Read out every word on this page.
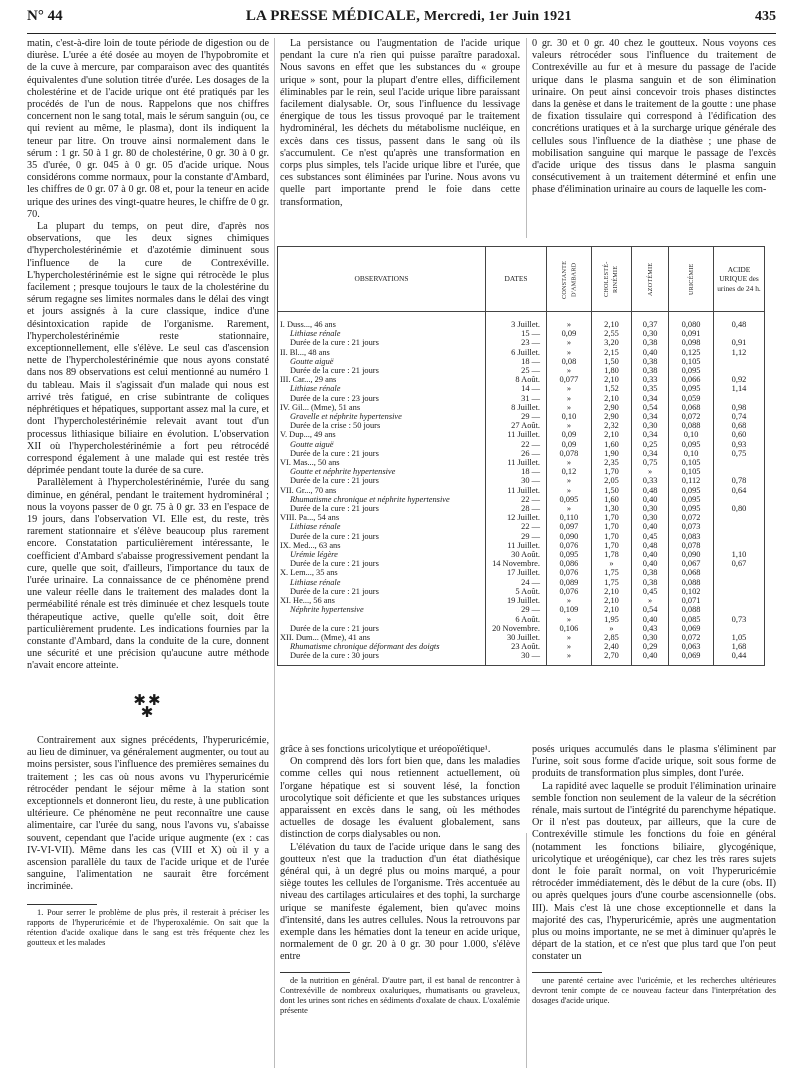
N° 44	LA PRESSE MÉDICALE, Mercredi, 1er Juin 1921	435

matin, c'est-à-dire loin de toute période de digestion ou de diurèse. L'urée a été dosée au moyen de l'hypobromite et de la cuve à mercure, par comparaison avec des quantités équivalentes d'une solution titrée d'urée. Les dosages de la cholestérine et de l'acide urique ont été pratiqués par les procédés de l'un de nous. Rappelons que nos chiffres concernent non le sang total, mais le sérum sanguin (ou, ce qui revient au même, le plasma), dont ils indiquent la teneur par litre. On trouve ainsi normalement dans le sérum : 1 gr. 50 à 1 gr. 80 de cholestérine, 0 gr. 30 à 0 gr. 35 d'urée, 0 gr. 045 à 0 gr. 05 d'acide urique. Nous considérons comme normaux, pour la constante d'Ambard, les chiffres de 0 gr. 07 à 0 gr. 08 et, pour la teneur en acide urique des urines des vingt-quatre heures, le chiffre de 0 gr. 70.

La plupart du temps, on peut dire, d'après nos observations, que les deux signes chimiques d'hypercholestérinémie et d'azotémie diminuent sous l'influence de la cure de Contrexéville. L'hypercholestérinémie est le signe qui rétrocède le plus facilement ; presque toujours le taux de la cholestérine du sérum regagne ses limites normales dans le délai des vingt et jours assignés à la cure classique, indice d'une désintoxication rapide de l'organisme. Rarement, l'hypercholestérinémie reste stationnaire, exceptionnellement, elle s'élève. Le seul cas d'ascension nette de l'hypercholestérinémie que nous ayons constaté dans nos 89 observations est celui mentionné au numéro 1 du tableau. Mais il s'agissait d'un malade qui nous est arrivé très fatigué, en crise subintrante de coliques néphrétiques et hépatiques, supportant assez mal la cure, et dont l'hypercholestérinémie relevait avant tout d'un processus lithiasique biliaire en évolution. L'observation XII où l'hypercholestérinémie a fort peu rétrocédé correspond également à une malade qui est restée très déprimée pendant toute la durée de sa cure.

Parallèlement à l'hypercholestérinémie, l'urée du sang diminue, en général, pendant le traitement hydrominéral ; nous la voyons passer de 0 gr. 75 à 0 gr. 33 en l'espace de 19 jours, dans l'observation VI. Elle est, du reste, très rarement stationnaire et s'élève beaucoup plus rarement encore. Constatation particulièrement intéressante, le coefficient d'Ambard s'abaisse progressivement pendant la cure, quelle que soit, d'ailleurs, l'importance du taux de l'urée urinaire. La connaissance de ce phénomène prend une valeur réelle dans le traitement des malades dont la perméabilité rénale est très diminuée et chez lesquels toute thérapeutique active, quelle qu'elle soit, doit être particulièrement prudente. Les indications fournies par la constante d'Ambard, dans la conduite de la cure, donnent une sécurité et une précision qu'aucune autre méthode n'avait encore atteinte.

✱✱
✱

Contrairement aux signes précédents, l'hyperuricémie, au lieu de diminuer, va généralement augmenter, ou tout au moins persister, sous l'influence des premières semaines du traitement ; les cas où nous avons vu l'hyperuricémie rétrocéder pendant le séjour même à la station sont exceptionnels et donneront lieu, du reste, à une publication ultérieure. Ce phénomène ne peut reconnaître une cause alimentaire, car l'urée du sang, nous l'avons vu, s'abaisse souvent, cependant que l'acide urique augmente (ex : cas IV-VI-VII). Même dans les cas (VIII et X) où il y a ascension parallèle du taux de l'acide urique et de l'urée sanguine, l'alimentation ne saurait être forcément incriminée.

1. Pour serrer le problème de plus près, il resterait à préciser les rapports de l'hyperuricémie et de l'hyperoxalémie. On sait que la rétention d'acide oxalique dans le sang est très fréquente chez les goutteux et les malades

La persistance ou l'augmentation de l'acide urique pendant la cure n'a rien qui puisse paraître paradoxal. Nous savons en effet que les substances du « groupe urique » sont, pour la plupart d'entre elles, difficilement éliminables par le rein, seul l'acide urique libre paraissant facilement dialysable. Or, sous l'influence du lessivage énergique de tous les tissus provoqué par le traitement hydrominéral, les déchets du métabolisme nucléique, en excès dans ces tissus, passent dans le sang où ils s'accumulent. Ce n'est qu'après une transformation en corps plus simples, tels l'acide urique libre et l'urée, que ces substances sont éliminées par l'urine. Nous avons vu quelle part importante prend le foie dans cette transformation,

0 gr. 30 et 0 gr. 40 chez le goutteux. Nous voyons ces valeurs rétrocéder sous l'influence du traitement de Contrexéville au fur et à mesure du passage de l'acide urique dans le plasma sanguin et de son élimination urinaire. On peut ainsi concevoir trois phases distinctes dans la genèse et dans le traitement de la goutte : une phase de fixation tissulaire qui correspond à l'édification des concrétions uratiques et à la surcharge urique générale des cellules sous l'influence de la diathèse ; une phase de mobilisation sanguine qui marque le passage de l'excès d'acide urique des tissus dans le plasma sanguin consécutivement à un traitement déterminé et enfin une phase d'élimination urinaire au cours de laquelle les com-

OBSERVATIONS	DATES	CONSTANTE D'AMBARD	CHOLESTÉ-RINÉMIE	AZOTÉMIE	URICÉMIE	ACIDE URIQUE des urines de 24 h.
I. Duss..., 46 ans	3 Juillet.	»	2,10	0,37	0,080	0,48
Lithiase rénale	15 —	0,09	2,55	0,30	0,091	
Durée de la cure : 21 jours	23 —	»	3,20	0,38	0,098	0,91
II. Bl..., 48 ans	6 Juillet.	»	2,15	0,40	0,125	1,12
Goutte aiguë	18 —	0,08	1,50	0,38	0,105	
Durée de la cure : 21 jours	25 —	»	1,80	0,38	0,095	
III. Car..., 29 ans	8 Août.	0,077	2,10	0,33	0,066	0,92
Lithiase rénale	14 —	»	1,52	0,35	0,095	1,14
Durée de la cure : 23 jours	31 —	»	2,10	0,34	0,059	
IV. Gil... (Mme), 51 ans	8 Juillet.	»	2,90	0,54	0,068	0,98
Gravelle et néphrite hypertensive	29 —	0,10	2,90	0,34	0,072	0,74
Durée de la crise : 50 jours	27 Août.	»	2,32	0,30	0,088	0,68
V. Dup..., 49 ans	11 Juillet.	0,09	2,10	0,34	0,10	0,60
Goutte aiguë	22 —	0,09	1,60	0,25	0,095	0,93
Durée de la cure : 21 jours	26 —	0,078	1,90	0,34	0,10	0,75
VI. Mas..., 50 ans	11 Juillet.	»	2,35	0,75	0,105	
Goutte et néphrite hypertensive	18 —	0,12	1,70	»	0,105	
Durée de la cure : 21 jours	30 —	»	2,05	0,33	0,112	0,78
VII. Gr..., 70 ans	11 Juillet.	»	1,50	0,48	0,095	0,64
Rhumatisme chronique et néphrite hypertensive	22 —	0,095	1,60	0,40	0,095	
Durée de la cure : 21 jours	28 —	»	1,30	0,30	0,095	0,80
VIII. Pa..., 54 ans	12 Juillet.	0,110	1,70	0,30	0,072	
Lithiase rénale	22 —	0,097	1,70	0,40	0,073	
Durée de la cure : 21 jours	29 —	0,090	1,70	0,45	0,083	
IX. Med..., 63 ans	11 Juillet.	0,076	1,70	0,48	0,078	
Urémie légère	30 Août.	0,095	1,78	0,40	0,090	1,10
Durée de la cure : 21 jours	14 Novembre.	0,086	»	0,40	0,067	0,67
X. Lem..., 35 ans	17 Juillet.	0,076	1,75	0,38	0,068	
Lithiase rénale	24 —	0,089	1,75	0,38	0,088	
Durée de la cure : 21 jours	5 Août.	0,076	2,10	0,45	0,102	
XI. He..., 56 ans	19 Juillet.	»	2,10	»	0,071	
Néphrite hypertensive	29 —	0,109	2,10	0,54	0,088	
	6 Août.	»	1,95	0,40	0,085	0,73
Durée de la cure : 21 jours	20 Novembre.	0,106	»	0,43	0,069	
XII. Dum... (Mme), 41 ans	30 Juillet.	»	2,85	0,30	0,072	1,05
Rhumatisme chronique déformant des doigts	23 Août.	»	2,40	0,29	0,063	1,68
Durée de la cure : 30 jours	30 —	»	2,70	0,40	0,069	0,44

grâce à ses fonctions uricolytique et uréopoïétique¹.

On comprend dès lors fort bien que, dans les maladies comme celles qui nous retiennent actuellement, où l'organe hépatique est si souvent lésé, la fonction urocolytique soit déficiente et que les substances uriques apparaissent en excès dans le sang, où les méthodes actuelles de dosage les évaluent globalement, sans distinction de corps dialysables ou non.

L'élévation du taux de l'acide urique dans le sang des goutteux n'est que la traduction d'un état diathésique général qui, à un degré plus ou moins marqué, a pour siège toutes les cellules de l'organisme. Très accentuée au niveau des cartilages articulaires et des tophi, la surcharge urique se manifeste également, bien qu'avec moins d'intensité, dans les autres cellules. Nous la retrouvons par exemple dans les hématies dont la teneur en acide urique, normalement de 0 gr. 20 à 0 gr. 30 pour 1.000, s'élève entre

de la nutrition en général. D'autre part, il est banal de rencontrer à Contrexéville de nombreux oxaluriques, rhumatisants ou graveleux, dont les urines sont riches en sédiments d'oxalate de chaux. L'oxalémie présente

posés uriques accumulés dans le plasma s'éliminent par l'urine, soit sous forme d'acide urique, soit sous forme de produits de transformation plus simples, dont l'urée.

La rapidité avec laquelle se produit l'élimination urinaire semble fonction non seulement de la valeur de la sécrétion rénale, mais surtout de l'intégrité du parenchyme hépatique. Or il n'est pas douteux, par ailleurs, que la cure de Contrexéville stimule les fonctions du foie en général (notamment les fonctions biliaire, glycogénique, uricolytique et uréogénique), car chez les très rares sujets dont le foie paraît normal, on voit l'hyperuricémie rétrocéder immédiatement, dès le début de la cure (obs. II) ou après quelques jours d'une courbe ascensionnelle (obs. III). Mais c'est là une chose exceptionnelle et dans la majorité des cas, l'hyperuricémie, après une augmentation plus ou moins importante, ne se met à diminuer qu'après le départ de la station, et ce n'est que plus tard que l'on peut constater un

une parenté certaine avec l'uricémie, et les recherches ultérieures devront tenir compte de ce nouveau facteur dans l'interprétation des dosages d'acide urique.
